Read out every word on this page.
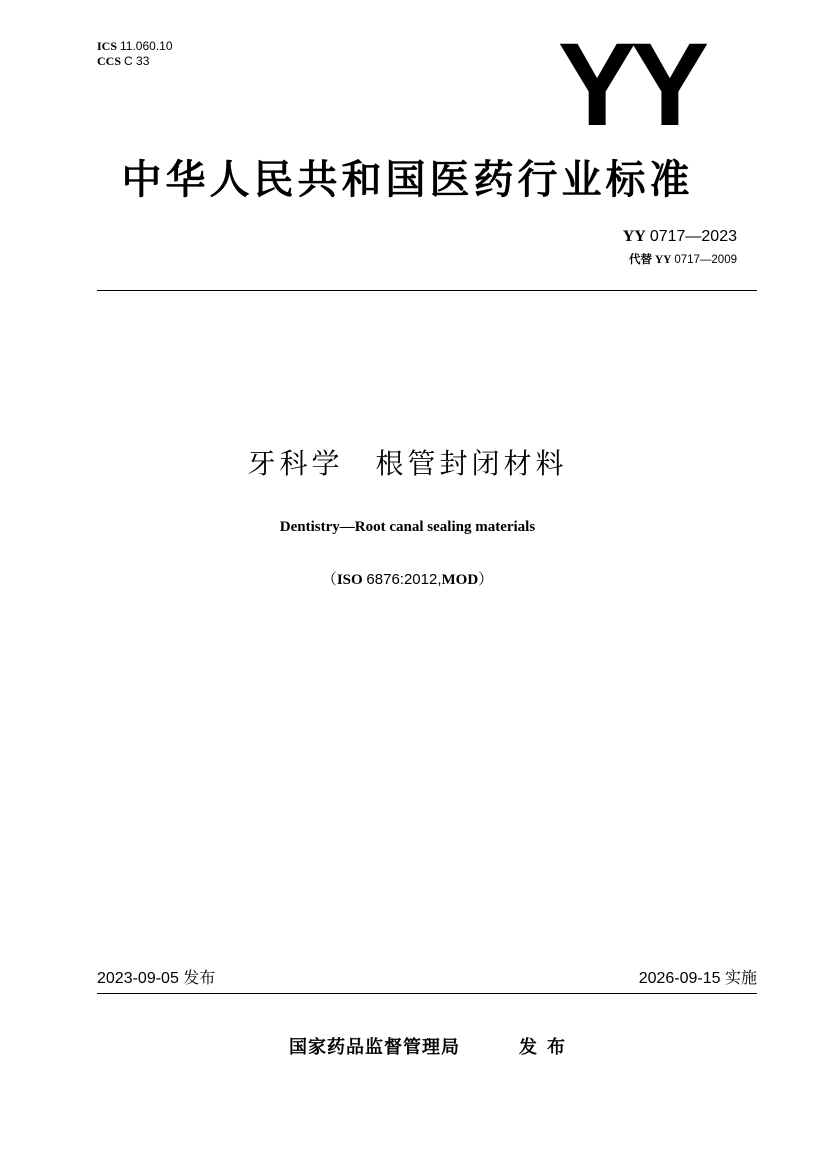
ICS 11.060.10
CCS C 33	YY
中华人民共和国医药行业标准
YY 0717—2023
代替 YY 0717—2009
牙科学　根管封闭材料
Dentistry—Root canal sealing materials
（ISO 6876:2012,MOD）
2023-09-05 发布	2026-09-15 实施
国家药品监督管理局	发布
